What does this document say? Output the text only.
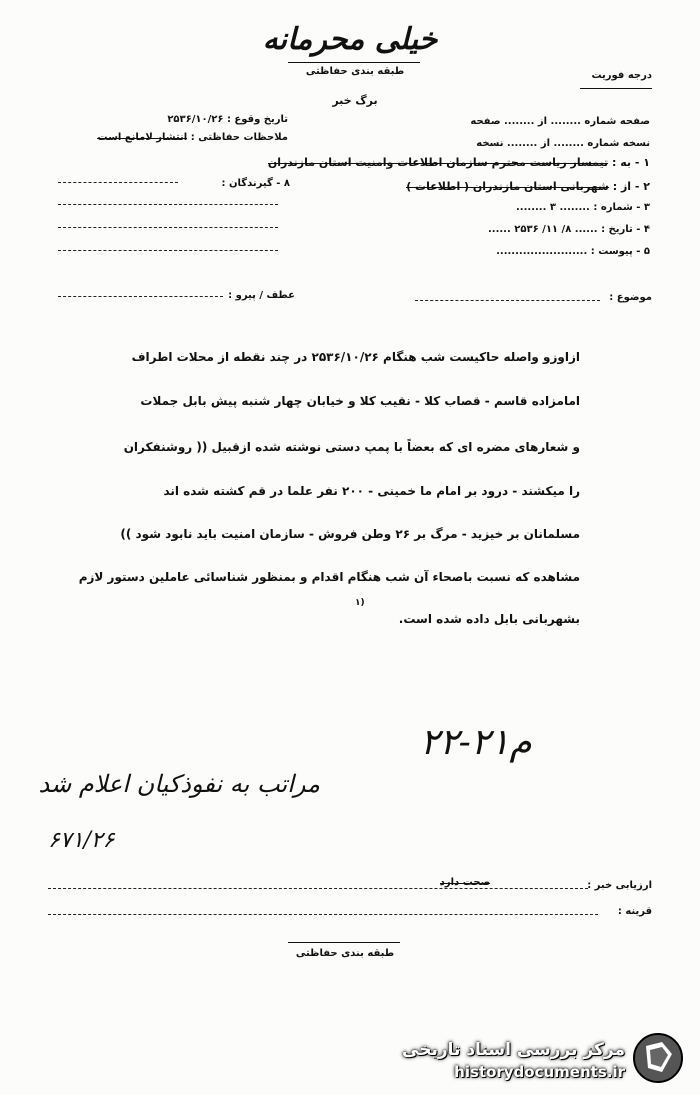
خیلی محرمانه
طبقه بندی حفاظتی
برگ خبر
درجه فوریت
تاریخ وقوع : ۲۵۳۶/۱۰/۲۶
ملاحظات حفاظتی : انتشار لامانع است
۸ - گیرندگان :
صفحه شماره ........ از ........ صفحه
نسخه شماره ........ از ........ نسخه
۱ - به : تیمسار ریاست محترم سازمان اطلاعات وامنیت استان مازندران
۲ - از : شهربانی استان مازندران ( اطلاعات )
۳ - شماره : ........ ۳ ........
۴ - تاریخ : ...... ۸/ ۱۱/ ۲۵۳۶ ......
۵ - پیوست : ........................
موضوع :
عطف / پیرو :
ازاوزو واصله حاکیست شب هنگام ۲۵۳۶/۱۰/۲۶ در چند نقطه از محلات اطراف
امامزاده قاسم - قصاب کلا - نقیب کلا و خیابان چهار شنبه پیش بابل جملات
و شعارهای مضره ای که بعضاً با پمپ دستی نوشته شده ازقبیل (( روشنفکران
را میکشند - درود بر امام ما خمینی - ۲۰۰ نفر علما در قم کشته شده اند
مسلمانان بر خیزید - مرگ بر ۲۶ وطن فروش - سازمان امنیت باید نابود شود ))
مشاهده که نسبت باصحاء آن شب هنگام اقدام و بمنظور شناسائی عاملین دستور لازم
بشهربانی بابل داده شده است.
۱)
۲۲-۲۱م
مراتب به نفوذکیان اعلام شد
۶۷۱/۲۶
ارزیابی خبر :
صحت دارد
قرینه :
طبقه بندی حفاظتی
مرکز بررسی اسناد تاریخی
historydocuments.ir
